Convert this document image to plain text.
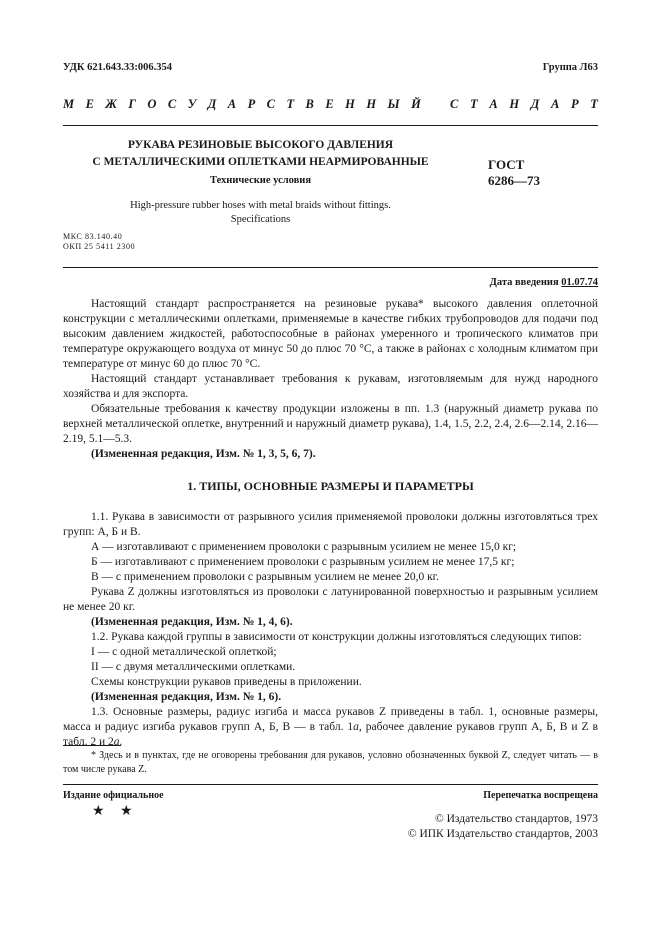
УДК 621.643.33:006.354	Группа Л63
М Е Ж Г О С У Д А Р С Т В Е Н Н Ы Й С Т А Н Д А Р Т
РУКАВА РЕЗИНОВЫЕ ВЫСОКОГО ДАВЛЕНИЯ
С МЕТАЛЛИЧЕСКИМИ ОПЛЕТКАМИ НЕАРМИРОВАННЫЕ
Технические условия
ГОСТ
6286—73
High-pressure rubber hoses with metal braids without fittings.
Specifications
МКС 83.140.40
ОКП 25 5411 2300
Дата введения 01.07.74

Настоящий стандарт распространяется на резиновые рукава* высокого давления оплеточной конструкции с металлическими оплетками, применяемые в качестве гибких трубопроводов для подачи под высоким давлением жидкостей, работоспособные в районах умеренного и тропического климатов при температуре окружающего воздуха от минус 50 до плюс 70 °С, а также в районах с холодным климатом при температуре от минус 60 до плюс 70 °С.

Настоящий стандарт устанавливает требования к рукавам, изготовляемым для нужд народного хозяйства и для экспорта.

Обязательные требования к качеству продукции изложены в пп. 1.3 (наружный диаметр рукава по верхней металлической оплетке, внутренний и наружный диаметр рукава), 1.4, 1.5, 2.2, 2.4, 2.6—2.14, 2.16—2.19, 5.1—5.3.

(Измененная редакция, Изм. № 1, 3, 5, 6, 7).

1. ТИПЫ, ОСНОВНЫЕ РАЗМЕРЫ И ПАРАМЕТРЫ

1.1. Рукава в зависимости от разрывного усилия применяемой проволоки должны изготовляться трех групп: А, Б и В.

А — изготавливают с применением проволоки с разрывным усилием не менее 15,0 кг;

Б — изготавливают с применением проволоки с разрывным усилием не менее 17,5 кг;

В — с применением проволоки с разрывным усилием не менее 20,0 кг.

Рукава Z должны изготовляться из проволоки с латунированной поверхностью и разрывным усилием не менее 20 кг.

(Измененная редакция, Изм. № 1, 4, 6).

1.2. Рукава каждой группы в зависимости от конструкции должны изготовляться следующих типов:

I — с одной металлической оплеткой;

II — с двумя металлическими оплетками.

Схемы конструкции рукавов приведены в приложении.

(Измененная редакция, Изм. № 1, 6).

1.3. Основные размеры, радиус изгиба и масса рукавов Z приведены в табл. 1, основные размеры, масса и радиус изгиба рукавов групп А, Б, В — в табл. 1а, рабочее давление рукавов групп А, Б, В и Z в табл. 2 и 2а.

* Здесь и в пунктах, где не оговорены требования для рукавов, условно обозначенных буквой Z, следует читать — в том числе рукава Z.

Издание официальное	Перепечатка воспрещена
★ ★	© Издательство стандартов, 1973
© ИПК Издательство стандартов, 2003
